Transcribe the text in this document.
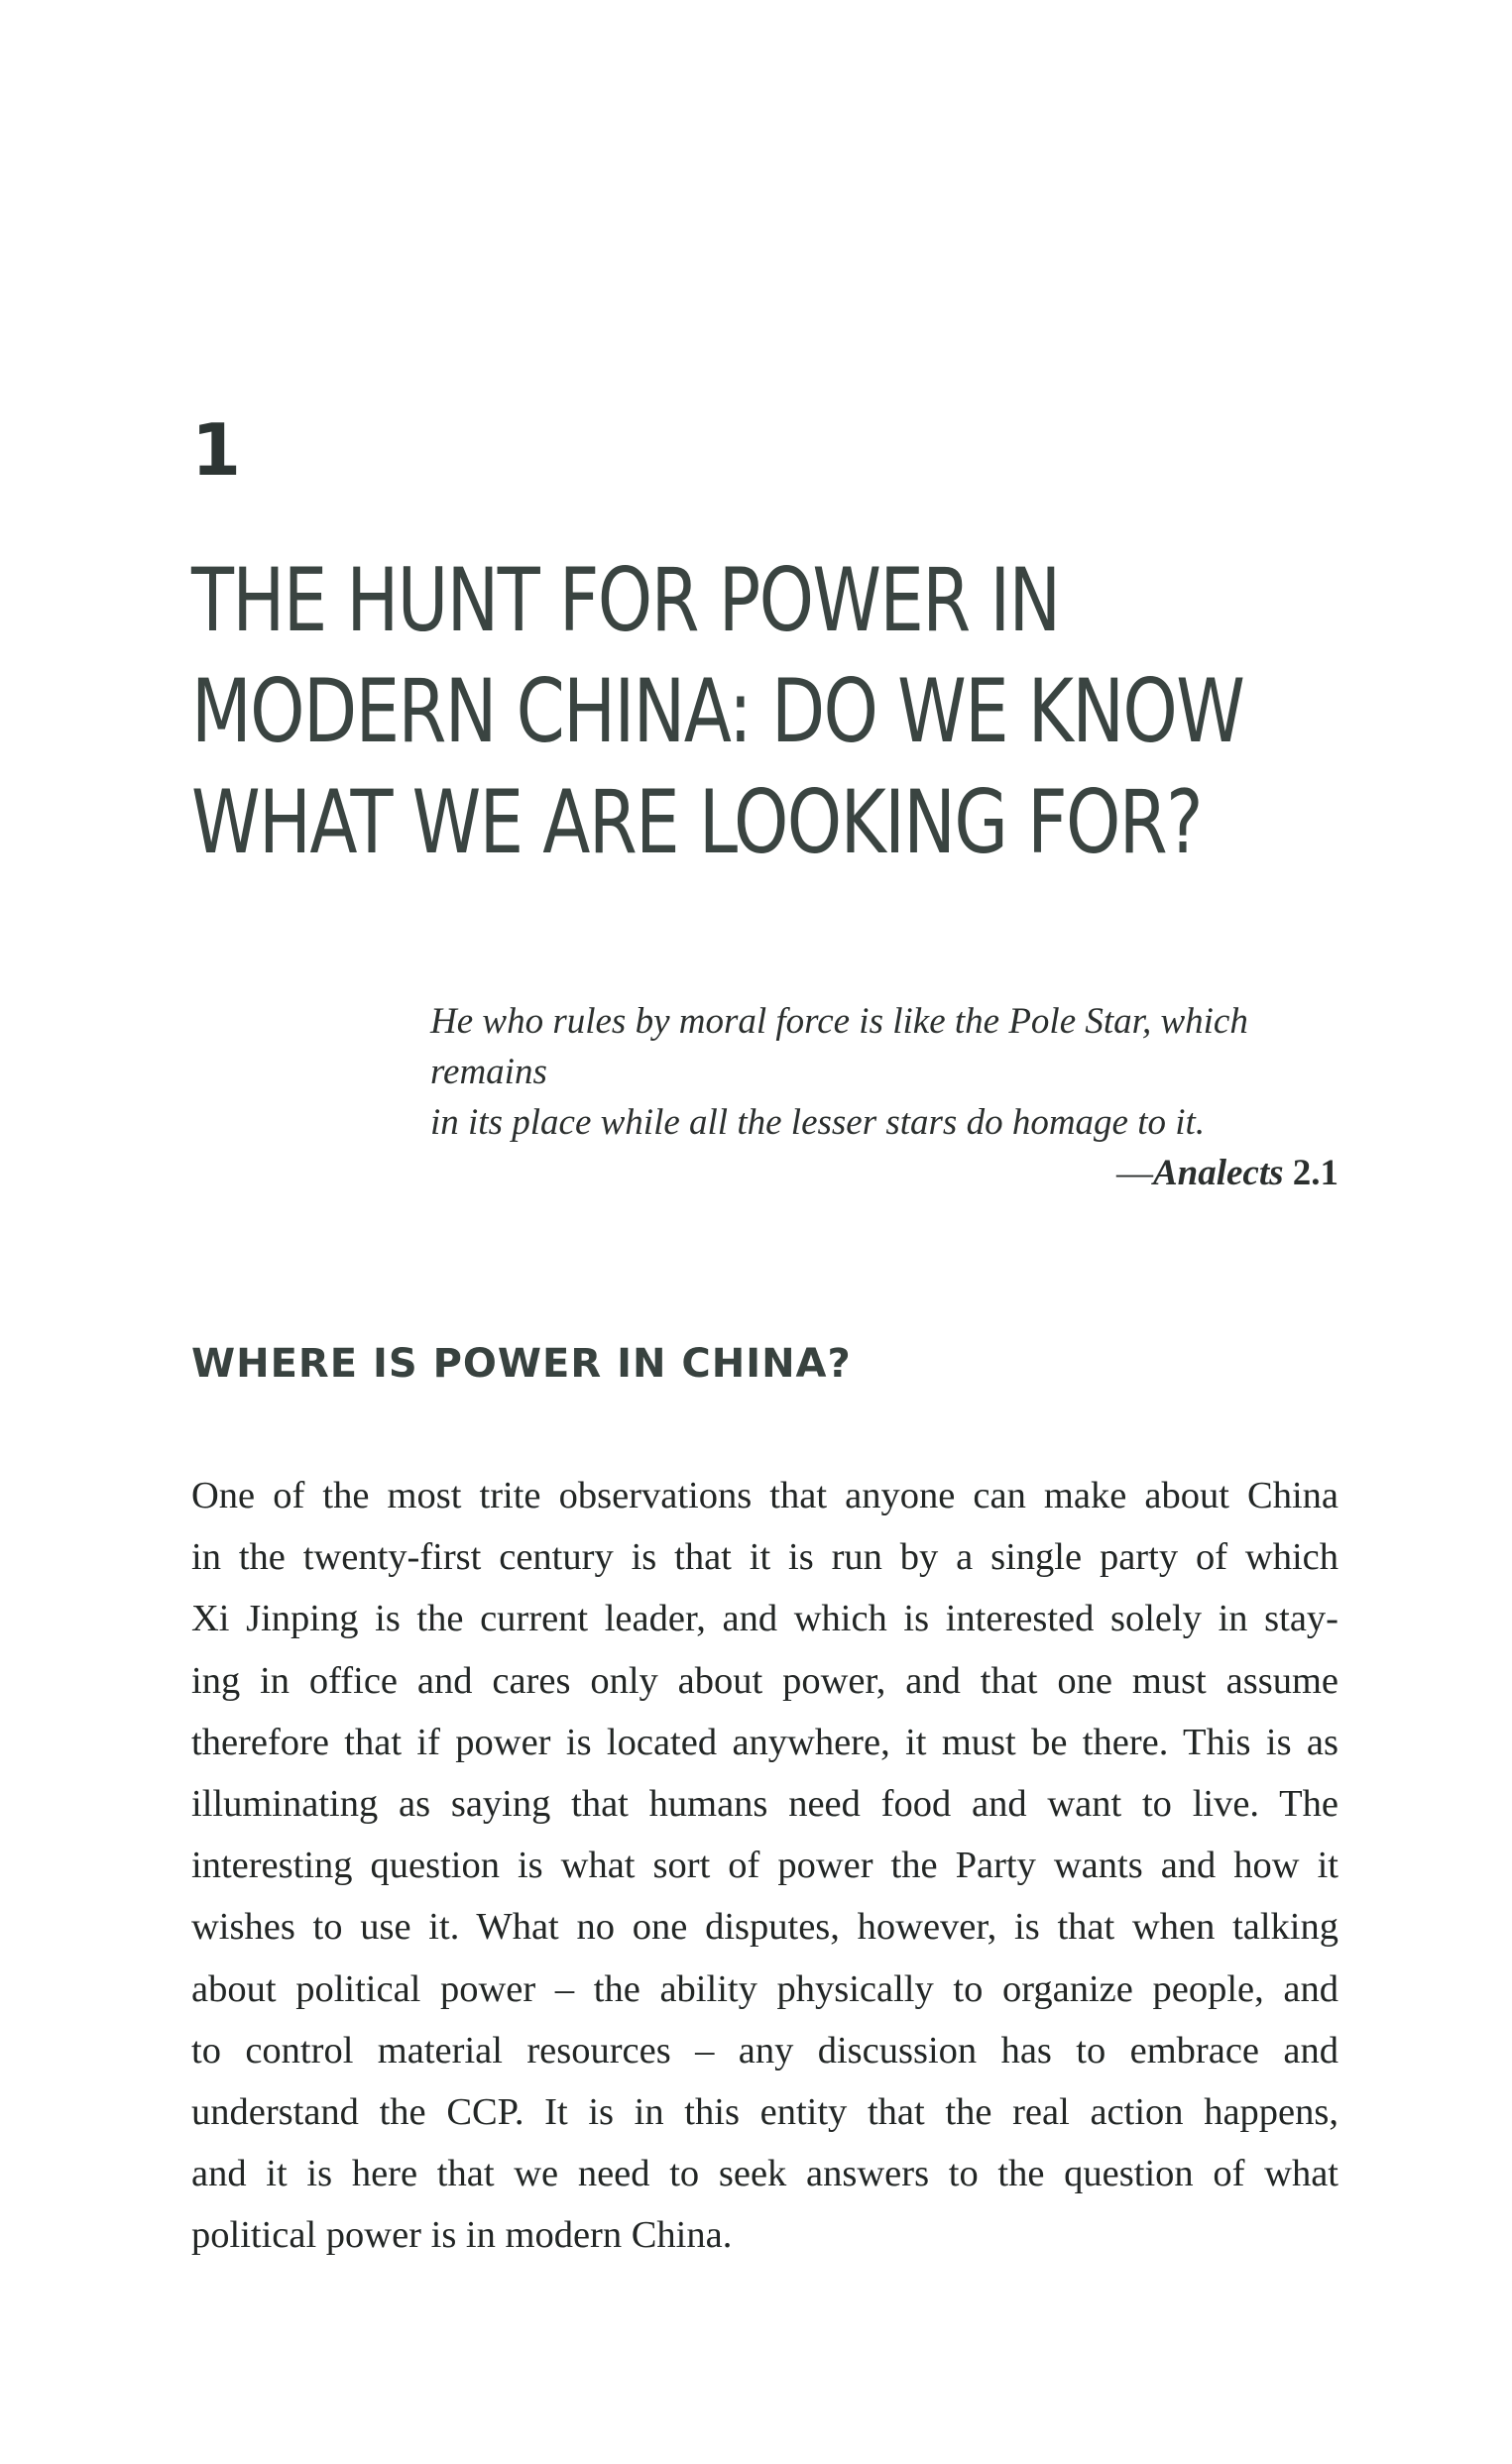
1
THE HUNT FOR POWER IN
MODERN CHINA: DO WE KNOW
WHAT WE ARE LOOKING FOR?

He who rules by moral force is like the Pole Star, which remains
in its place while all the lesser stars do homage to it.

—Analects 2.1

WHERE IS POWER IN CHINA?

One of the most trite observations that anyone can make about China
in the twenty-first century is that it is run by a single party of which
Xi Jinping is the current leader, and which is interested solely in stay-
ing in office and cares only about power, and that one must assume
therefore that if power is located anywhere, it must be there. This is as
illuminating as saying that humans need food and want to live. The
interesting question is what sort of power the Party wants and how it
wishes to use it. What no one disputes, however, is that when talking
about political power – the ability physically to organize people, and
to control material resources – any discussion has to embrace and
understand the CCP. It is in this entity that the real action happens,
and it is here that we need to seek answers to the question of what
political power is in modern China.
